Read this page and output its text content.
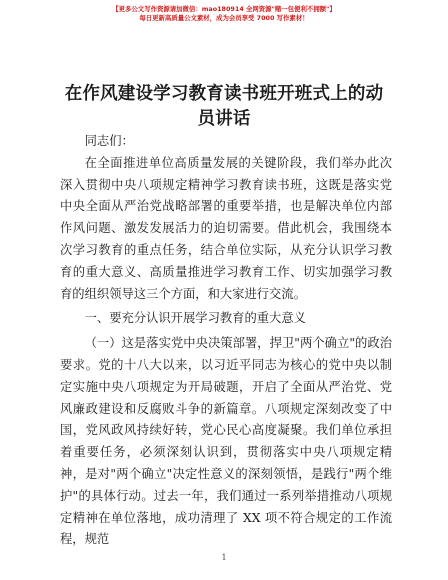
【更多公文写作资源请加微信：mao180914 全网资源"赌一包便利不拥额"】
每日更新高质量公文素材，成为会员享受 7000 写作素材！
在作风建设学习教育读书班开班式上的动员讲话

同志们：

在全面推进单位高质量发展的关键阶段，我们举办此次深入贯彻中央八项规定精神学习教育读书班，这既是落实党中央全面从严治党战略部署的重要举措，也是解决单位内部作风问题、激发发展活力的迫切需要。借此机会，我围绕本次学习教育的重点任务，结合单位实际，从充分认识学习教育的重大意义、高质量推进学习教育工作、切实加强学习教育的组织领导这三个方面，和大家进行交流。

一、要充分认识开展学习教育的重大意义

（一）这是落实党中央决策部署，捍卫"两个确立"的政治要求。党的十八大以来，以习近平同志为核心的党中央以制定实施中央八项规定为开局破题，开启了全面从严治党、党风廉政建设和反腐败斗争的新篇章。八项规定深刻改变了中国，党风政风持续好转，党心民心高度凝聚。我们单位承担着重要任务，必须深刻认识到，贯彻落实中央八项规定精神，是对"两个确立"决定性意义的深刻领悟，是践行"两个维护"的具体行动。过去一年，我们通过一系列举措推动八项规定精神在单位落地，成功清理了 XX 项不符合规定的工作流程，规范

1
